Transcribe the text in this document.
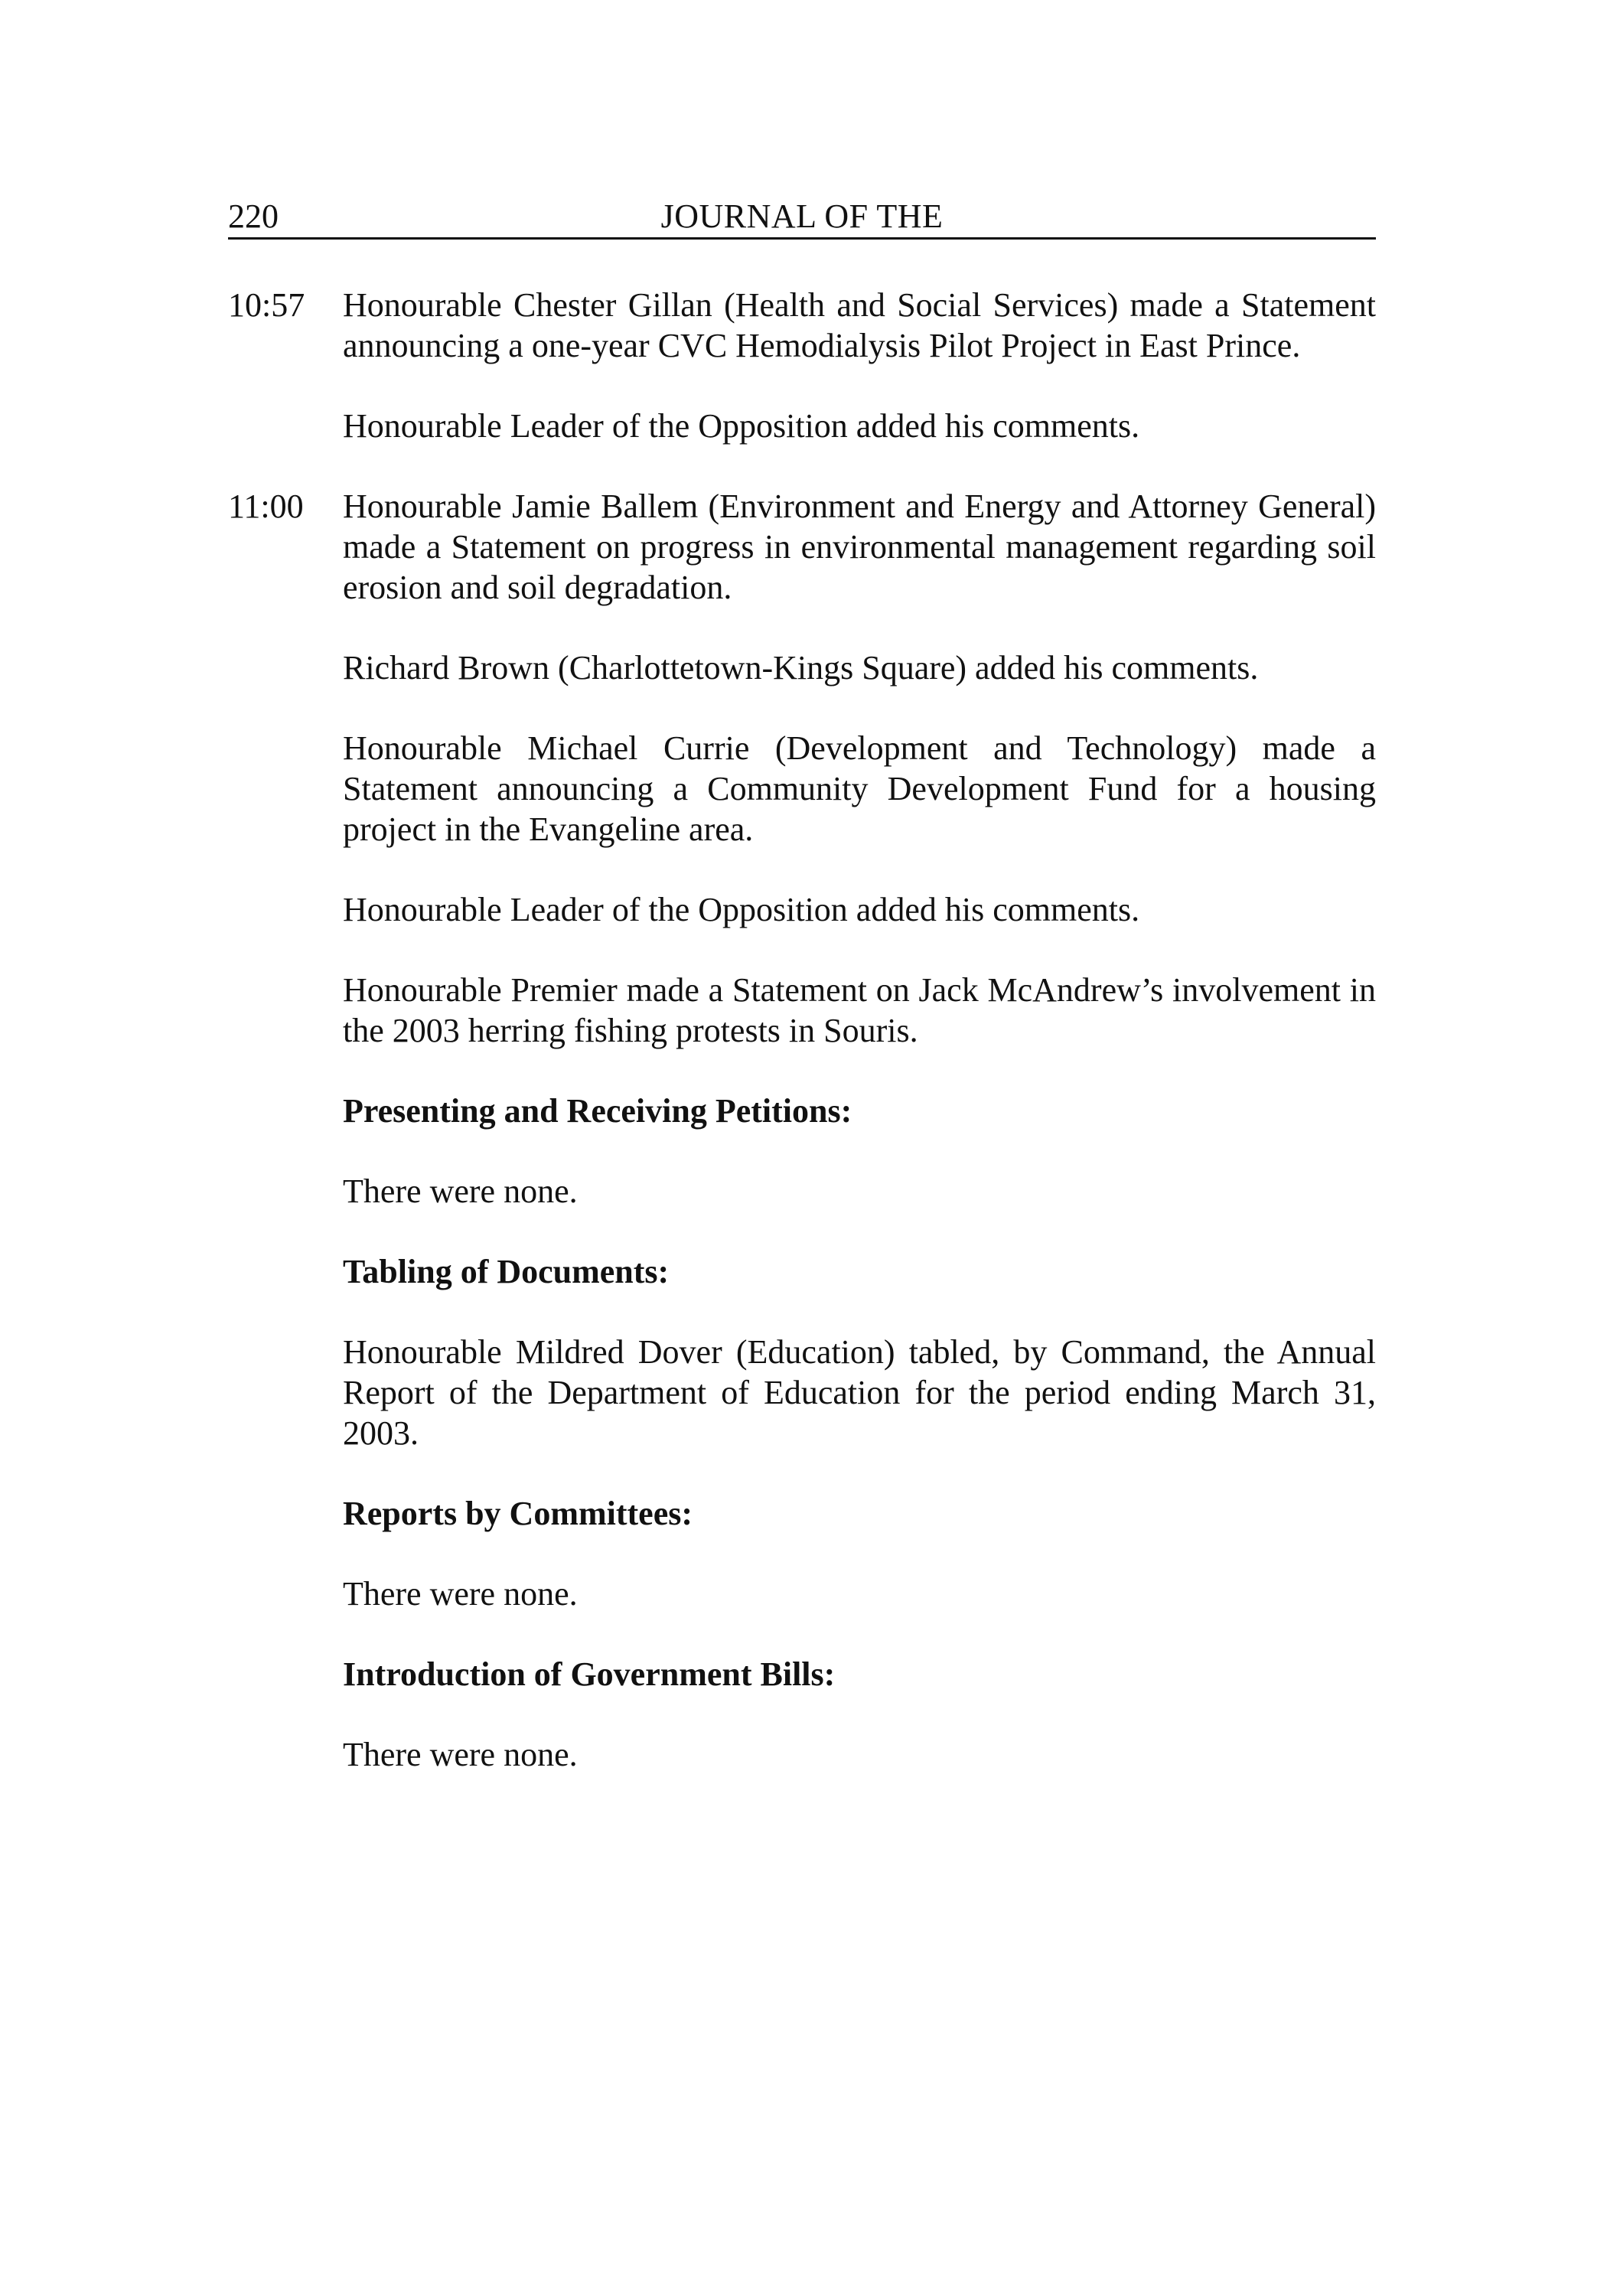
220	JOURNAL OF THE
10:57 Honourable Chester Gillan (Health and Social Services) made a Statement announcing a one-year CVC Hemodialysis Pilot Project in East Prince.

Honourable Leader of the Opposition added his comments.

11:00 Honourable Jamie Ballem (Environment and Energy and Attorney General) made a Statement on progress in environmental management regarding soil erosion and soil degradation.

Richard Brown (Charlottetown-Kings Square) added his comments.

Honourable Michael Currie (Development and Technology) made a Statement announcing a Community Development Fund for a housing project in the Evangeline area.

Honourable Leader of the Opposition added his comments.

Honourable Premier made a Statement on Jack McAndrew’s involvement in the 2003 herring fishing protests in Souris.

Presenting and Receiving Petitions:

There were none.

Tabling of Documents:

Honourable Mildred Dover (Education) tabled, by Command, the Annual Report of the Department of Education for the period ending March 31, 2003.

Reports by Committees:

There were none.

Introduction of Government Bills:

There were none.
